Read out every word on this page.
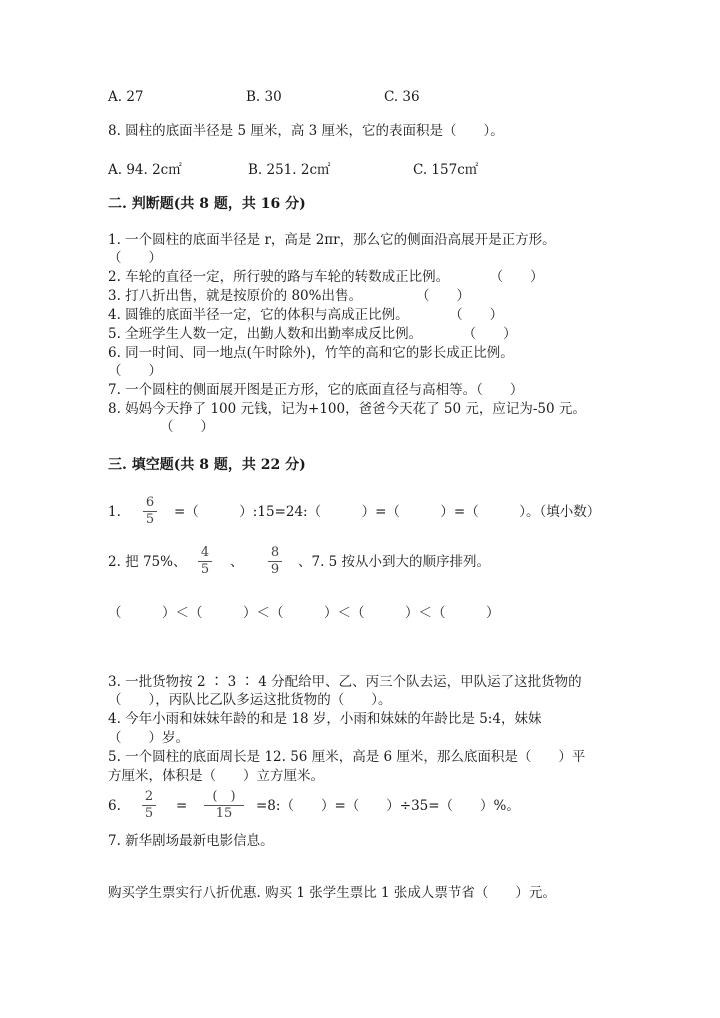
A. 27	B. 30	C. 36
8. 圆柱的底面半径是 5 厘米，高 3 厘米，它的表面积是（　　）。
A. 94. 2c㎡	B. 251. 2c㎡	C. 157c㎡
二. 判断题(共 8 题，共 16 分)
1. 一个圆柱的底面半径是 r，高是 2πr，那么它的侧面沿高展开是正方形。
（　　）
2. 车轮的直径一定，所行驶的路与车轮的转数成正比例。　　　　（　　）
3. 打八折出售，就是按原价的 80%出售。　　　　　（　　）
4. 圆锥的底面半径一定，它的体积与高成正比例。　　　　（　　）
5. 全班学生人数一定，出勤人数和出勤率成反比例。　　　　（　　）
6. 同一时间、同一地点(午时除外)，竹竿的高和它的影长成正比例。
（　　）
7. 一个圆柱的侧面展开图是正方形，它的底面直径与高相等。（　　）
8. 妈妈今天挣了 100 元钱，记为+100，爸爸今天花了 50 元，应记为-50 元。
（　　）
三. 填空题(共 8 题，共 22 分)
1.
6
5 =（　　　）:15=24:（　　　）=（　　　）=（　　　）。（填小数）
2. 把 75%、
4
5 、
8
9 、7. 5 按从小到大的顺序排列。
（　　　）＜（　　　）＜（　　　）＜（　　　）＜（　　　）
3. 一批货物按 2 ∶ 3 ∶ 4 分配给甲、乙、丙三个队去运，甲队运了这批货物的
（　　），丙队比乙队多运这批货物的（　　）。
4. 今年小雨和妹妹年龄的和是 18 岁，小雨和妹妹的年龄比是 5:4，妹妹
（　　）岁。
5. 一个圆柱的底面周长是 12. 56 厘米，高是 6 厘米，那么底面积是（　　）平
方厘米，体积是（　　）立方厘米。
6.
2
5 =
(　)
15 =8:（　　）=（　　）÷35=（　　）%。
7. 新华剧场最新电影信息。
购买学生票实行八折优惠. 购买 1 张学生票比 1 张成人票节省（　　）元。
